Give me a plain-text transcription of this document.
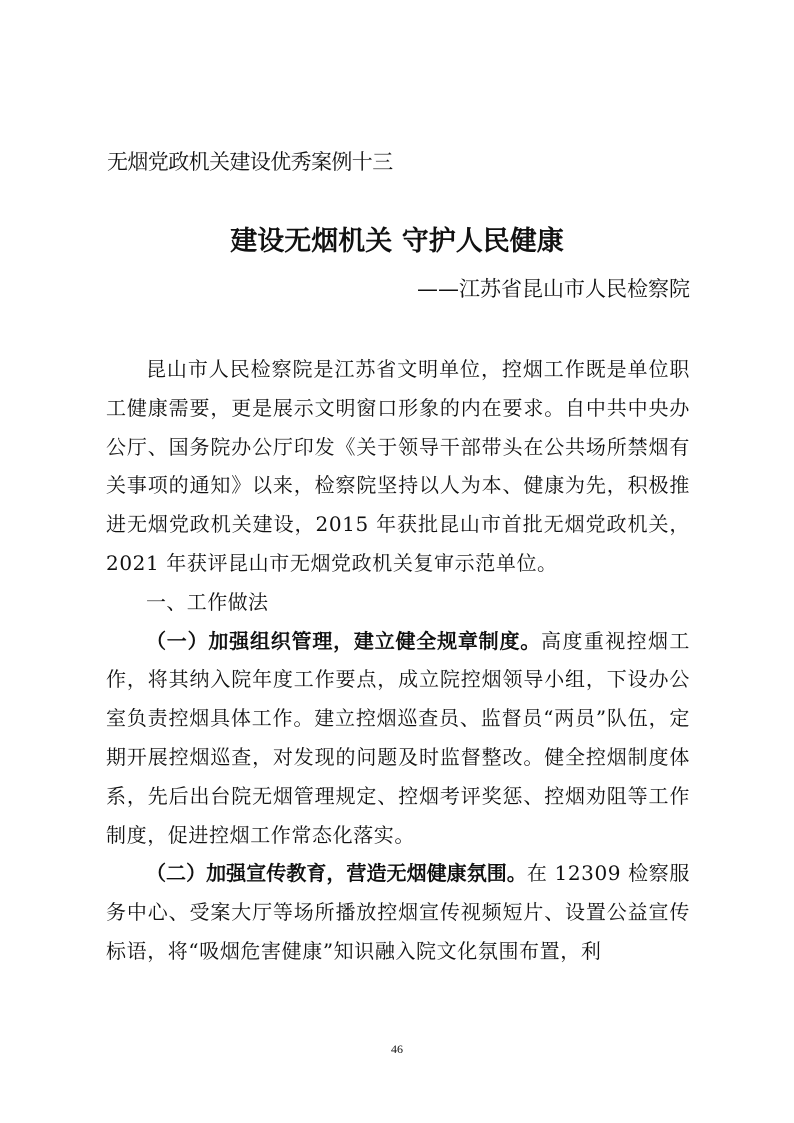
无烟党政机关建设优秀案例十三
建设无烟机关 守护人民健康
——江苏省昆山市人民检察院

昆山市人民检察院是江苏省文明单位，控烟工作既是单位职工健康需要，更是展示文明窗口形象的内在要求。自中共中央办公厅、国务院办公厅印发《关于领导干部带头在公共场所禁烟有关事项的通知》以来，检察院坚持以人为本、健康为先，积极推进无烟党政机关建设，2015 年获批昆山市首批无烟党政机关，2021 年获评昆山市无烟党政机关复审示范单位。

一、工作做法

（一）加强组织管理，建立健全规章制度。高度重视控烟工作，将其纳入院年度工作要点，成立院控烟领导小组，下设办公室负责控烟具体工作。建立控烟巡查员、监督员“两员”队伍，定期开展控烟巡查，对发现的问题及时监督整改。健全控烟制度体系，先后出台院无烟管理规定、控烟考评奖惩、控烟劝阻等工作制度，促进控烟工作常态化落实。

（二）加强宣传教育，营造无烟健康氛围。在 12309 检察服务中心、受案大厅等场所播放控烟宣传视频短片、设置公益宣传标语，将“吸烟危害健康”知识融入院文化氛围布置，利

46
